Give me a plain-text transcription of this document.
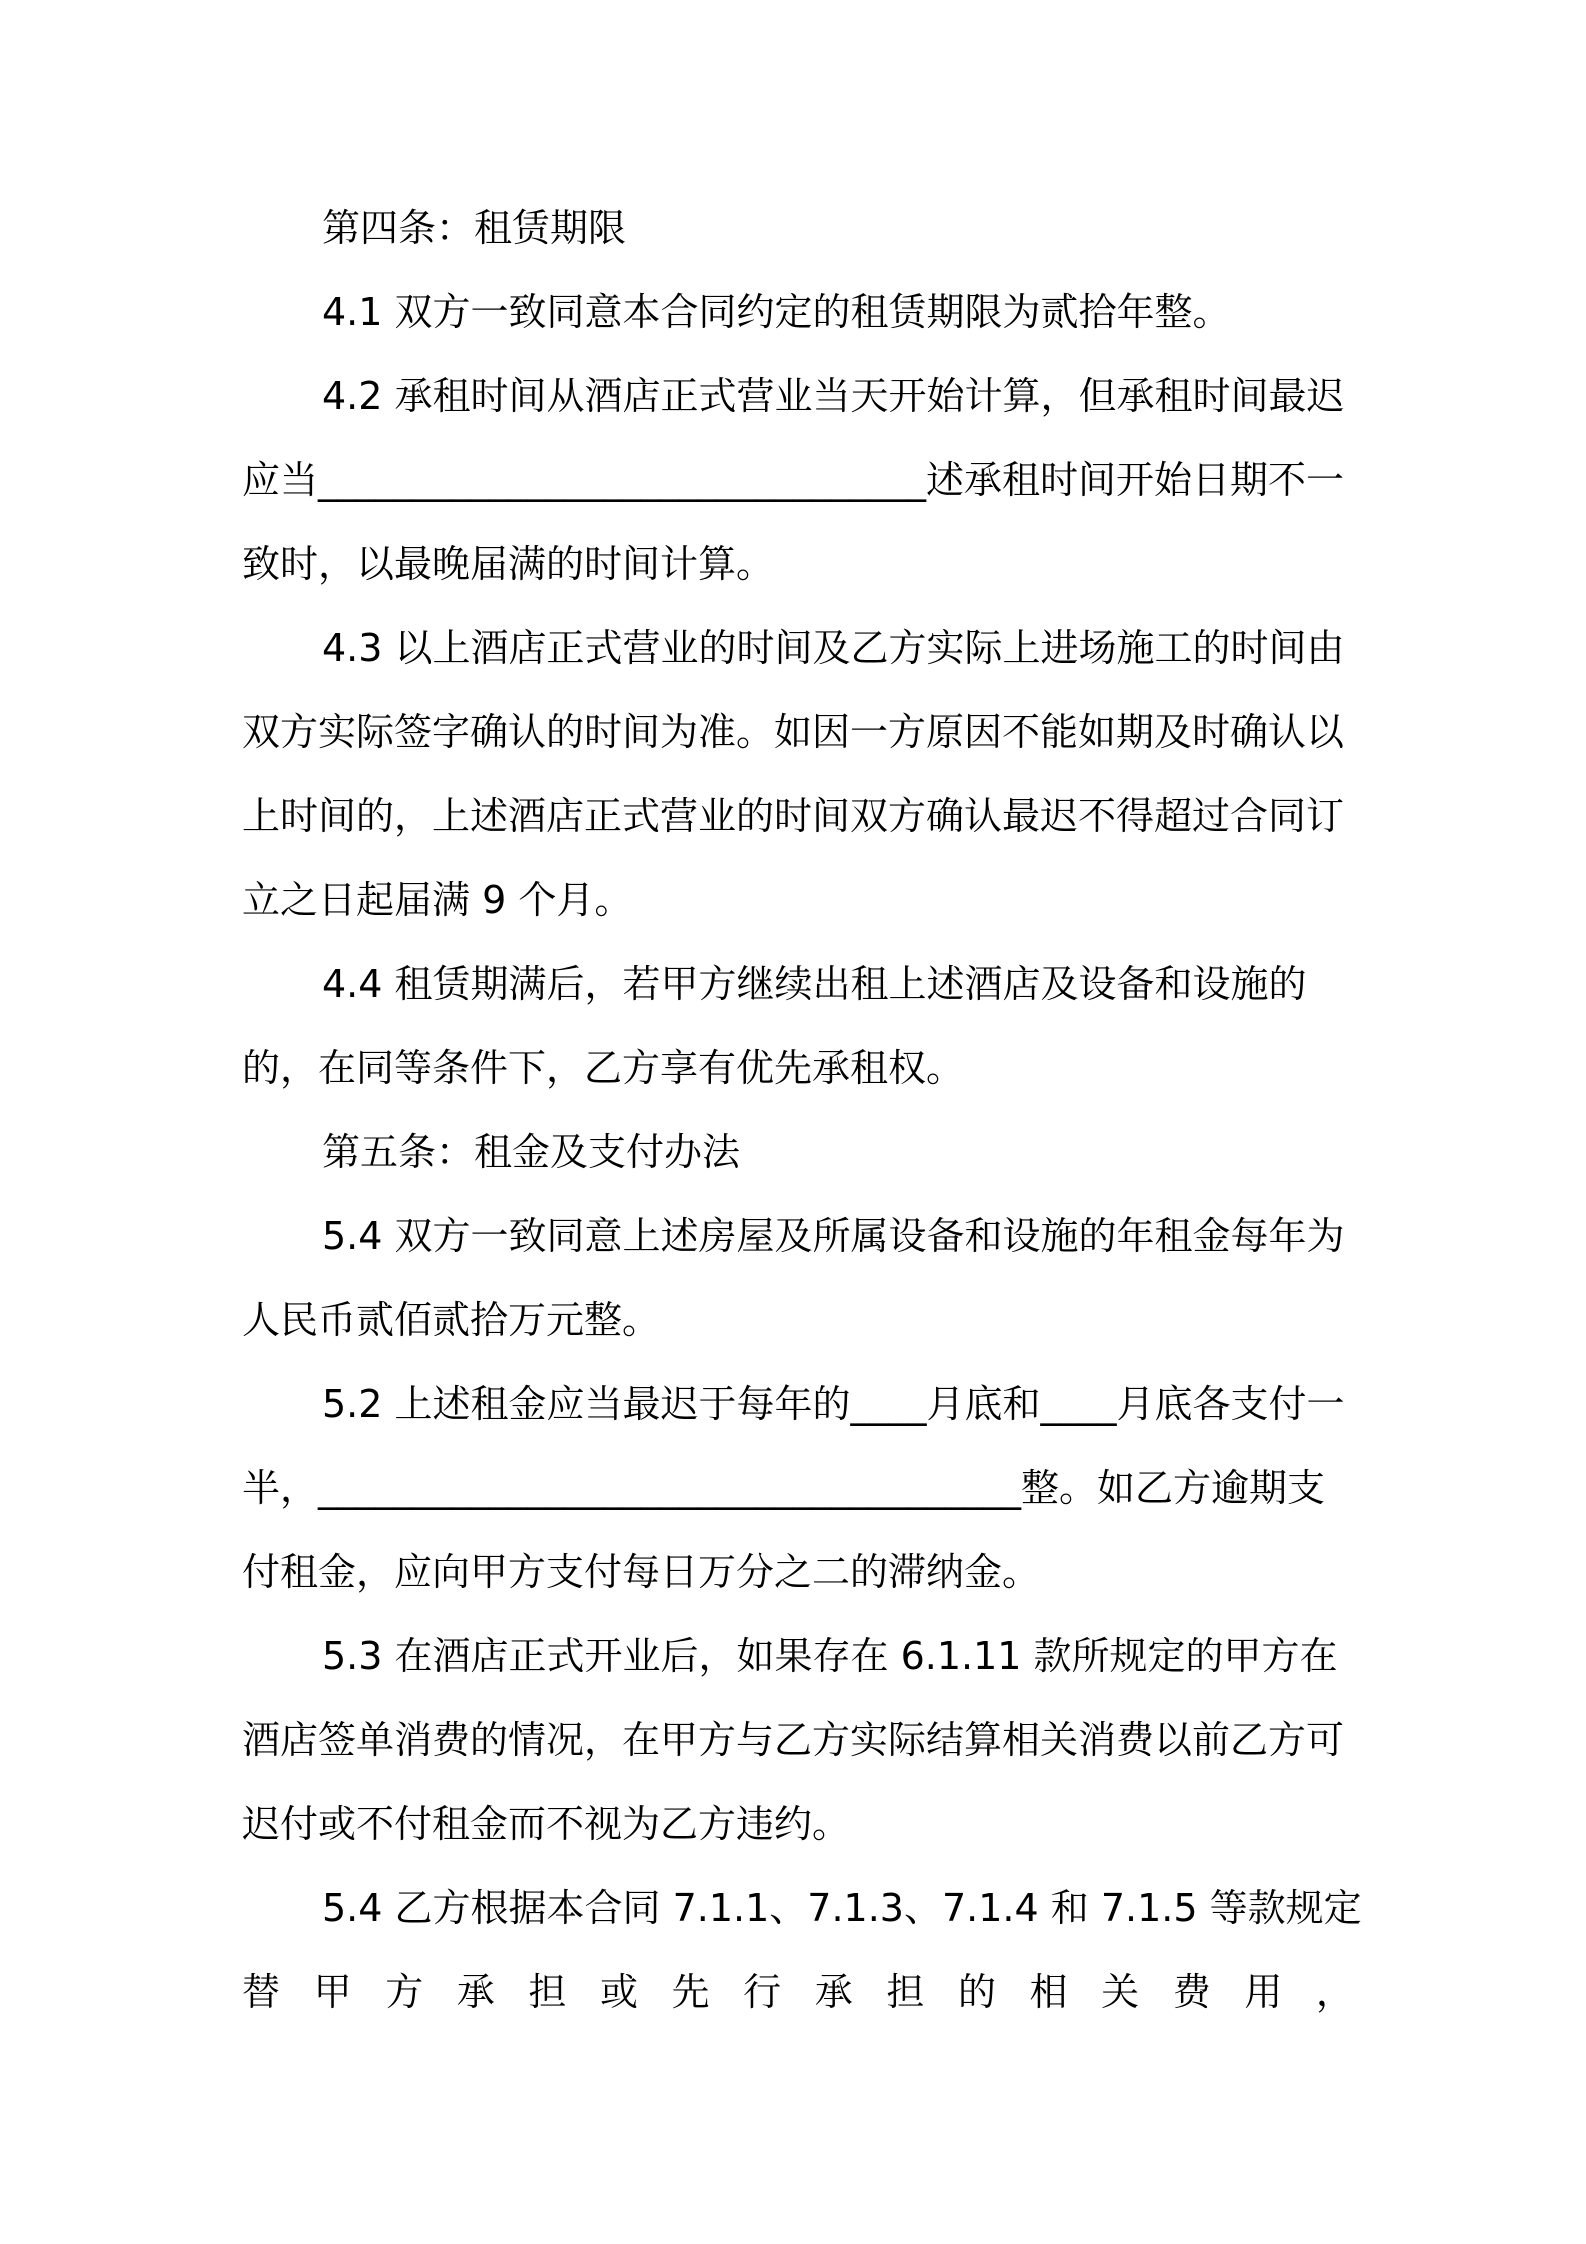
第四条：租赁期限

4.1 双方一致同意本合同约定的租赁期限为贰拾年整。

4.2 承租时间从酒店正式营业当天开始计算，但承租时间最迟应当________________________________述承租时间开始日期不一致时，以最晚届满的时间计算。

4.3 以上酒店正式营业的时间及乙方实际上进场施工的时间由双方实际签字确认的时间为准。如因一方原因不能如期及时确认以上时间的，上述酒店正式营业的时间双方确认最迟不得超过合同订立之日起届满 9 个月。

4.4 租赁期满后，若甲方继续出租上述酒店及设备和设施的的，在同等条件下，乙方享有优先承租权。

第五条：租金及支付办法

5.4 双方一致同意上述房屋及所属设备和设施的年租金每年为人民币贰佰贰拾万元整。

5.2 上述租金应当最迟于每年的____月底和____月底各支付一半，_____________________________________整。如乙方逾期支付租金，应向甲方支付每日万分之二的滞纳金。

5.3 在酒店正式开业后，如果存在 6.1.11 款所规定的甲方在酒店签单消费的情况，在甲方与乙方实际结算相关消费以前乙方可迟付或不付租金而不视为乙方违约。

5.4 乙方根据本合同 7.1.1、7.1.3、7.1.4 和 7.1.5 等款规定

替 甲 方 承 担 或 先 行 承 担 的 相 关 费 用 ，
